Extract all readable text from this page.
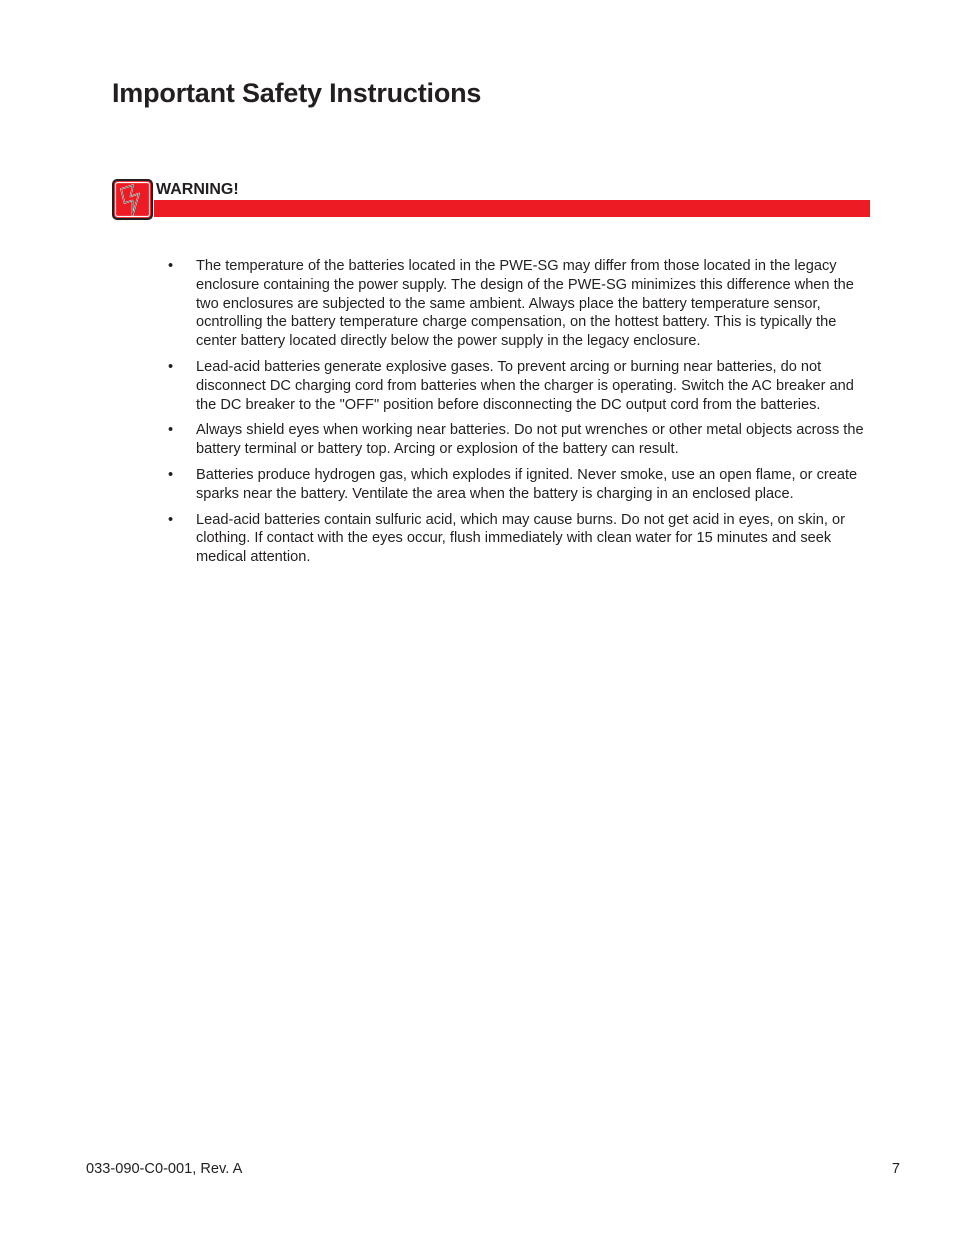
Important Safety Instructions
WARNING!
• The temperature of the batteries located in the PWE-SG may differ from those located in the legacy enclosure containing the power supply. The design of the PWE-SG minimizes this difference when the two enclosures are subjected to the same ambient. Always place the battery temperature sensor, ocntrolling the battery temperature charge compensation, on the hottest battery. This is typically the center battery located directly below the power supply in the legacy enclosure.
• Lead-acid batteries generate explosive gases. To prevent arcing or burning near batteries, do not disconnect DC charging cord from batteries when the charger is operating. Switch the AC breaker and the DC breaker to the "OFF" position before disconnecting the DC output cord from the batteries.
• Always shield eyes when working near batteries. Do not put wrenches or other metal objects across the battery terminal or battery top. Arcing or explosion of the battery can result.
• Batteries produce hydrogen gas, which explodes if ignited. Never smoke, use an open flame, or create sparks near the battery. Ventilate the area when the battery is charging in an enclosed place.
• Lead-acid batteries contain sulfuric acid, which may cause burns. Do not get acid in eyes, on skin, or clothing. If contact with the eyes occur, flush immediately with clean water for 15 minutes and seek medical attention.
033-090-C0-001, Rev. A	7
